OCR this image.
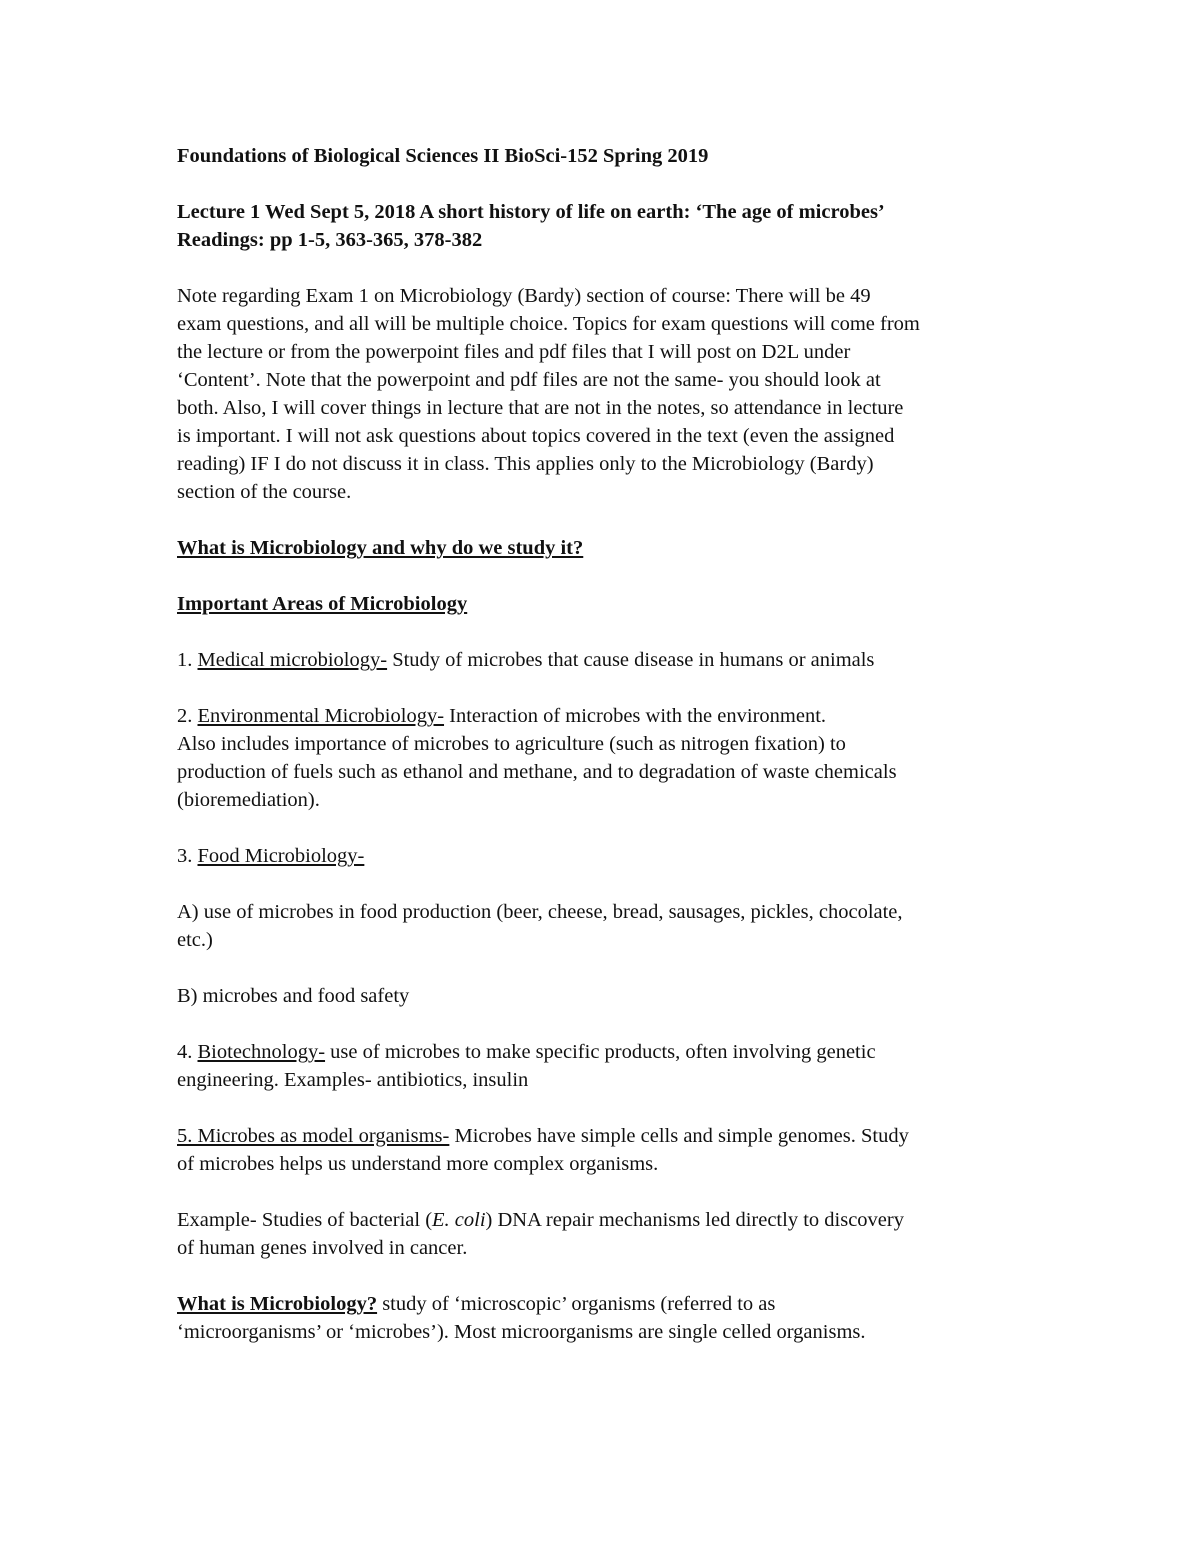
Foundations of Biological Sciences II BioSci-152 Spring 2019
Lecture 1 Wed Sept 5, 2018 A short history of life on earth: ‘The age of microbes’
Readings: pp 1-5, 363-365, 378-382
Note regarding Exam 1 on Microbiology (Bardy) section of course: There will be 49
exam questions, and all will be multiple choice. Topics for exam questions will come from
the lecture or from the powerpoint files and pdf files that I will post on D2L under
‘Content’. Note that the powerpoint and pdf files are not the same- you should look at
both. Also, I will cover things in lecture that are not in the notes, so attendance in lecture
is important. I will not ask questions about topics covered in the text (even the assigned
reading) IF I do not discuss it in class. This applies only to the Microbiology (Bardy)
section of the course.
What is Microbiology and why do we study it?
Important Areas of Microbiology
1. Medical microbiology- Study of microbes that cause disease in humans or animals
2. Environmental Microbiology- Interaction of microbes with the environment.
Also includes importance of microbes to agriculture (such as nitrogen fixation) to
production of fuels such as ethanol and methane, and to degradation of waste chemicals
(bioremediation).
3. Food Microbiology-
A) use of microbes in food production (beer, cheese, bread, sausages, pickles, chocolate,
etc.)
B) microbes and food safety
4. Biotechnology- use of microbes to make specific products, often involving genetic
engineering. Examples- antibiotics, insulin
5. Microbes as model organisms- Microbes have simple cells and simple genomes. Study
of microbes helps us understand more complex organisms.
Example- Studies of bacterial (E. coli) DNA repair mechanisms led directly to discovery
of human genes involved in cancer.
What is Microbiology? study of ‘microscopic’ organisms (referred to as
‘microorganisms’ or ‘microbes’). Most microorganisms are single celled organisms.
